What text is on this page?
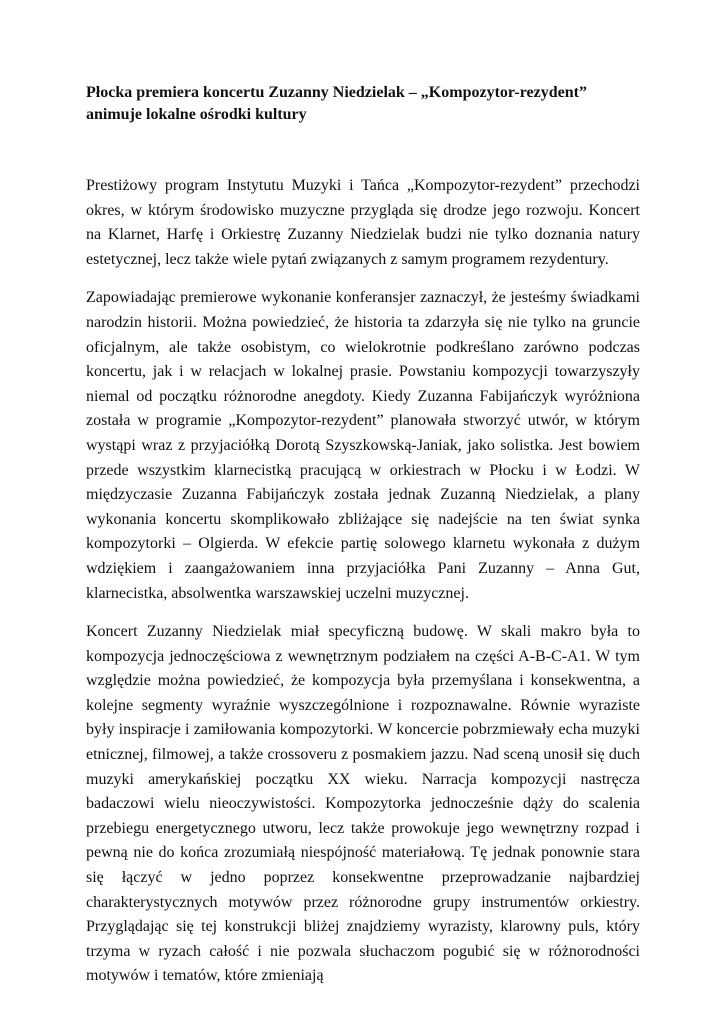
Płocka premiera koncertu Zuzanny Niedzielak – „Kompozytor-rezydent” animuje lokalne ośrodki kultury

Prestiżowy program Instytutu Muzyki i Tańca „Kompozytor-rezydent” przechodzi okres, w którym środowisko muzyczne przygląda się drodze jego rozwoju. Koncert na Klarnet, Harfę i Orkiestrę Zuzanny Niedzielak budzi nie tylko doznania natury estetycznej, lecz także wiele pytań związanych z samym programem rezydentury.

Zapowiadając premierowe wykonanie konferansjer zaznaczył, że jesteśmy świadkami narodzin historii. Można powiedzieć, że historia ta zdarzyła się nie tylko na gruncie oficjalnym, ale także osobistym, co wielokrotnie podkreślano zarówno podczas koncertu, jak i w relacjach w lokalnej prasie. Powstaniu kompozycji towarzyszyły niemal od początku różnorodne anegdoty. Kiedy Zuzanna Fabijańczyk wyróżniona została w programie „Kompozytor-rezydent” planowała stworzyć utwór, w którym wystąpi wraz z przyjaciółką Dorotą Szyszkowską-Janiak, jako solistka. Jest bowiem przede wszystkim klarnecistką pracującą w orkiestrach w Płocku i w Łodzi. W międzyczasie Zuzanna Fabijańczyk została jednak Zuzanną Niedzielak, a plany wykonania koncertu skomplikowało zbliżające się nadejście na ten świat synka kompozytorki – Olgierda. W efekcie partię solowego klarnetu wykonała z dużym wdziękiem i zaangażowaniem inna przyjaciółka Pani Zuzanny – Anna Gut, klarnecistka, absolwentka warszawskiej uczelni muzycznej.

Koncert Zuzanny Niedzielak miał specyficzną budowę. W skali makro była to kompozycja jednoczęściowa z wewnętrznym podziałem na części A-B-C-A1. W tym względzie można powiedzieć, że kompozycja była przemyślana i konsekwentna, a kolejne segmenty wyraźnie wyszczególnione i rozpoznawalne. Równie wyraziste były inspiracje i zamiłowania kompozytorki. W koncercie pobrzmiewały echa muzyki etnicznej, filmowej, a także crossoveru z posmakiem jazzu. Nad sceną unosił się duch muzyki amerykańskiej początku XX wieku. Narracja kompozycji nastręcza badaczowi wielu nieoczywistości. Kompozytorka jednocześnie dąży do scalenia przebiegu energetycznego utworu, lecz także prowokuje jego wewnętrzny rozpad i pewną nie do końca zrozumiałą niespójność materiałową. Tę jednak ponownie stara się łączyć w jedno poprzez konsekwentne przeprowadzanie najbardziej charakterystycznych motywów przez różnorodne grupy instrumentów orkiestry. Przyglądając się tej konstrukcji bliżej znajdziemy wyrazisty, klarowny puls, który trzyma w ryzach całość i nie pozwala słuchaczom pogubić się w różnorodności motywów i tematów, które zmieniają
